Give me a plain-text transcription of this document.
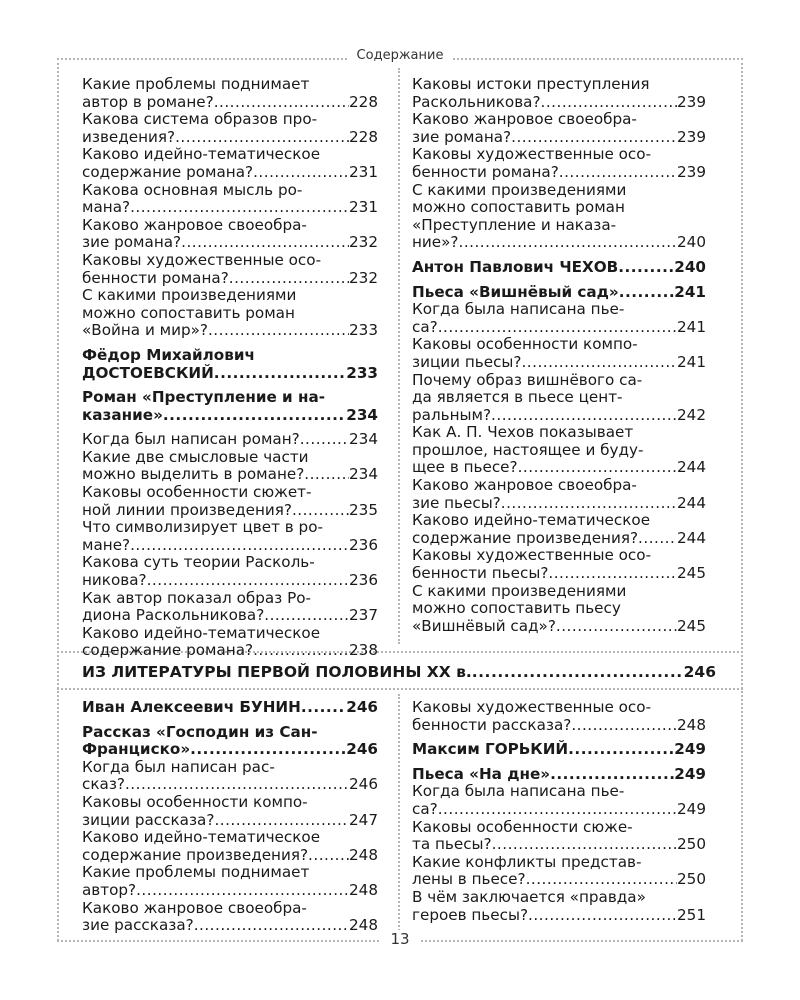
Содержание
Какие проблемы поднимает
автор в романе? .....	228
Какова система образов про-
изведения? .....	228
Каково идейно-тематическое
содержание романа? .....	231
Какова основная мысль ро-
мана? .....	231
Каково жанровое своеобра-
зие романа? .....	232
Каковы художественные осо-
бенности романа? .....	232
С какими произведениями
можно сопоставить роман
«Война и мир»? .....	233
Фёдор Михайлович
ДОСТОЕВСКИЙ .....	233
Роман «Преступление и на-
казание» .....	234
Когда был написан роман? .....	234
Какие две смысловые части
можно выделить в романе? .....	234
Каковы особенности сюжет-
ной линии произведения? .....	235
Что символизирует цвет в ро-
мане? .....	236
Какова суть теории Расколь-
никова? .....	236
Как автор показал образ Ро-
диона Раскольникова? .....	237
Каково идейно-тематическое
содержание романа? .....	238
Каковы истоки преступления
Раскольникова? .....	239
Каково жанровое своеобра-
зие романа? .....	239
Каковы художественные осо-
бенности романа? .....	239
С какими произведениями
можно сопоставить роман
«Преступление и наказа-
ние»? .....	240
Антон Павлович ЧЕХОВ .....	240
Пьеса «Вишнёвый сад» .....	241
Когда была написана пье-
са? .....	241
Каковы особенности компо-
зиции пьесы? .....	241
Почему образ вишнёвого са-
да является в пьесе цент-
ральным? .....	242
Как А. П. Чехов показывает
прошлое, настоящее и буду-
щее в пьесе? .....	244
Каково жанровое своеобра-
зие пьесы? .....	244
Каково идейно-тематическое
содержание произведения? .....	244
Каковы художественные осо-
бенности пьесы? .....	245
С какими произведениями
можно сопоставить пьесу
«Вишнёвый сад»? .....	245
ИЗ ЛИТЕРАТУРЫ ПЕРВОЙ ПОЛОВИНЫ XX в. .....	246
Иван Алексеевич БУНИН .....	246
Рассказ «Господин из Сан-
Франциско» .....	246
Когда был написан рас-
сказ? .....	246
Каковы особенности компо-
зиции рассказа? .....	247
Каково идейно-тематическое
содержание произведения? .....	248
Какие проблемы поднимает
автор? .....	248
Каково жанровое своеобра-
зие рассказа? .....	248
Каковы художественные осо-
бенности рассказа? .....	248
Максим ГОРЬКИЙ .....	249
Пьеса «На дне» .....	249
Когда была написана пье-
са? .....	249
Каковы особенности сюже-
та пьесы? .....	250
Какие конфликты представ-
лены в пьесе? .....	250
В чём заключается «правда»
героев пьесы? .....	251
13
